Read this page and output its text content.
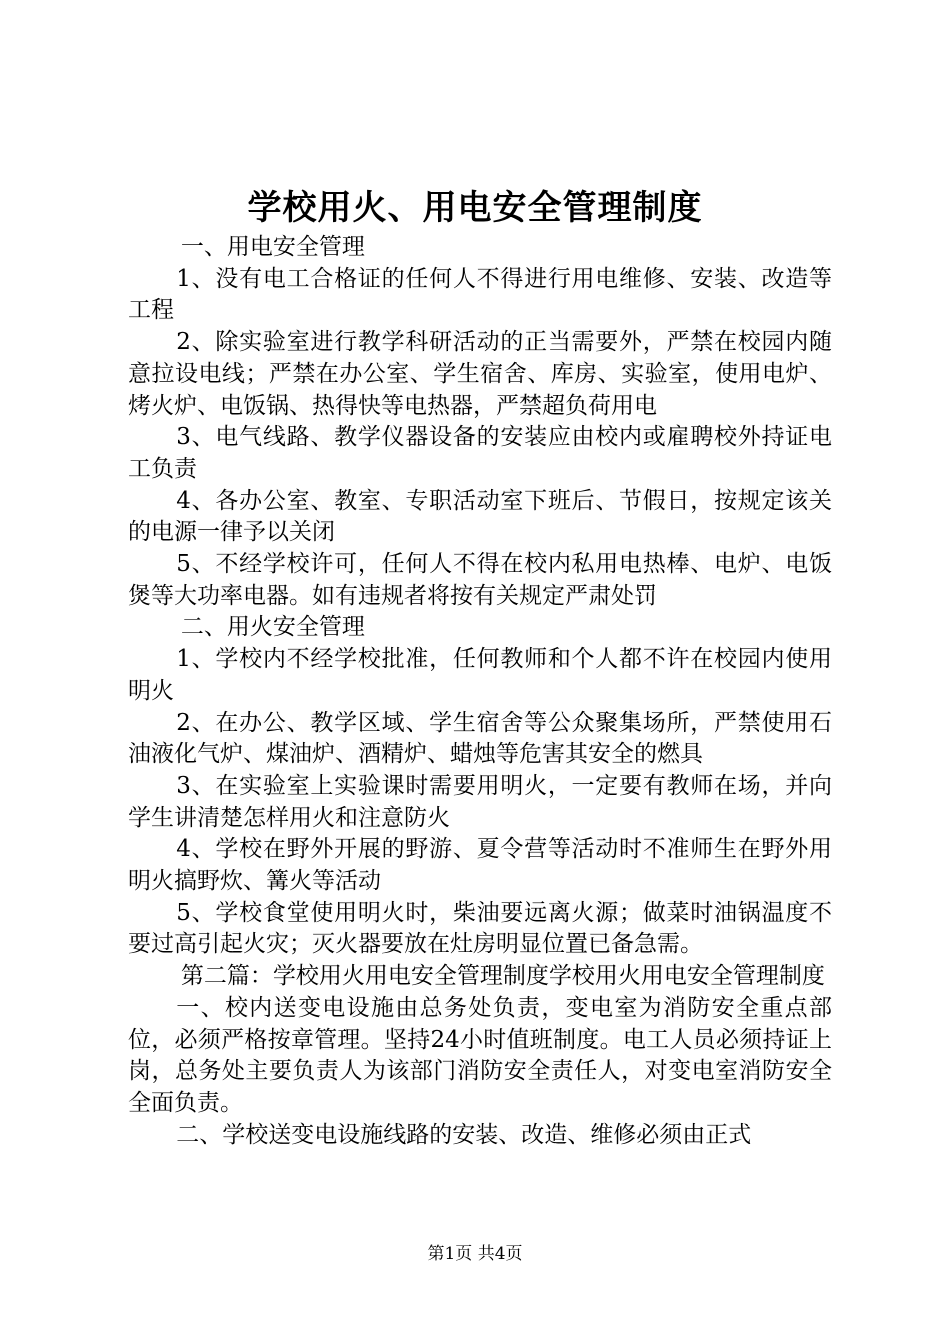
学校用火、用电安全管理制度

一、用电安全管理

1、没有电工合格证的任何人不得进行用电维修、安装、改造等工程

2、除实验室进行教学科研活动的正当需要外，严禁在校园内随意拉设电线；严禁在办公室、学生宿舍、库房、实验室，使用电炉、烤火炉、电饭锅、热得快等电热器，严禁超负荷用电

3、电气线路、教学仪器设备的安装应由校内或雇聘校外持证电工负责

4、各办公室、教室、专职活动室下班后、节假日，按规定该关的电源一律予以关闭

5、不经学校许可，任何人不得在校内私用电热棒、电炉、电饭煲等大功率电器。如有违规者将按有关规定严肃处罚

二、用火安全管理

1、学校内不经学校批准，任何教师和个人都不许在校园内使用明火

2、在办公、教学区域、学生宿舍等公众聚集场所，严禁使用石油液化气炉、煤油炉、酒精炉、蜡烛等危害其安全的燃具

3、在实验室上实验课时需要用明火，一定要有教师在场，并向学生讲清楚怎样用火和注意防火

4、学校在野外开展的野游、夏令营等活动时不准师生在野外用明火搞野炊、篝火等活动

5、学校食堂使用明火时，柴油要远离火源；做菜时油锅温度不要过高引起火灾；灭火器要放在灶房明显位置已备急需。

第二篇：学校用火用电安全管理制度学校用火用电安全管理制度

一、校内送变电设施由总务处负责，变电室为消防安全重点部位，必须严格按章管理。坚持24小时值班制度。电工人员必须持证上岗，总务处主要负责人为该部门消防安全责任人，对变电室消防安全全面负责。

二、学校送变电设施线路的安装、改造、维修必须由正式

第1页 共4页
